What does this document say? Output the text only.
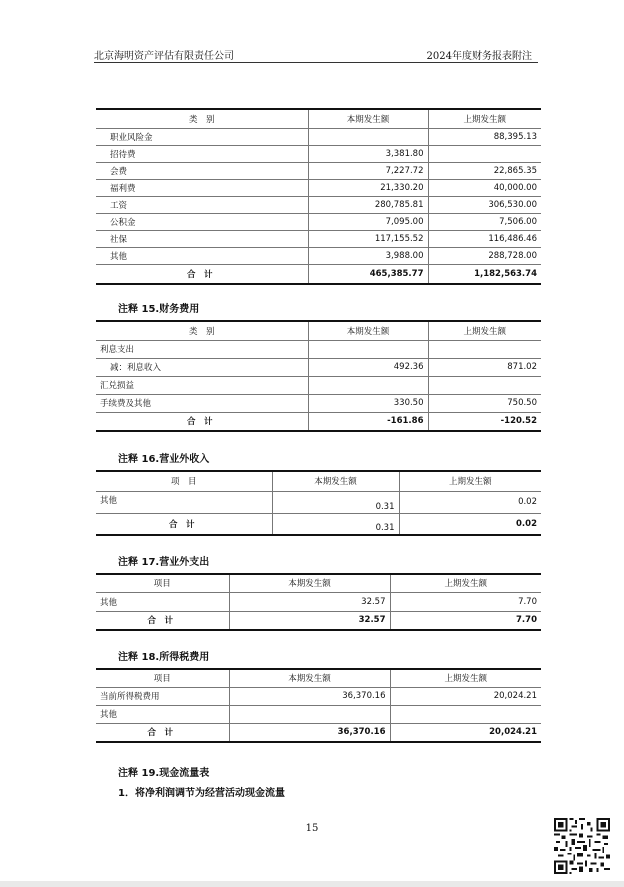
北京海明资产评估有限责任公司	2024年度财务报表附注
类　别	本期发生额	上期发生额
职业风险金		88,395.13
招待费	3,381.80	
会费	7,227.72	22,865.35
福利费	21,330.20	40,000.00
工资	280,785.81	306,530.00
公积金	7,095.00	7,506.00
社保	117,155.52	116,486.46
其他	3,988.00	288,728.00
合　计	465,385.77	1,182,563.74
注释 15.财务费用
类　别	本期发生额	上期发生额
利息支出		
减：利息收入	492.36	871.02
汇兑损益		
手续费及其他	330.50	750.50
合　计	-161.86	-120.52
注释 16.营业外收入
项　目	本期发生额	上期发生额
其他	0.31	0.02
合　计	0.31	0.02
注释 17.营业外支出
项目	本期发生额	上期发生额
其他	32.57	7.70
合　计	32.57	7.70
注释 18.所得税费用
项目	本期发生额	上期发生额
当前所得税费用	36,370.16	20,024.21
其他		
合　计	36,370.16	20,024.21
注释 19.现金流量表
1．将净利润调节为经营活动现金流量
15
